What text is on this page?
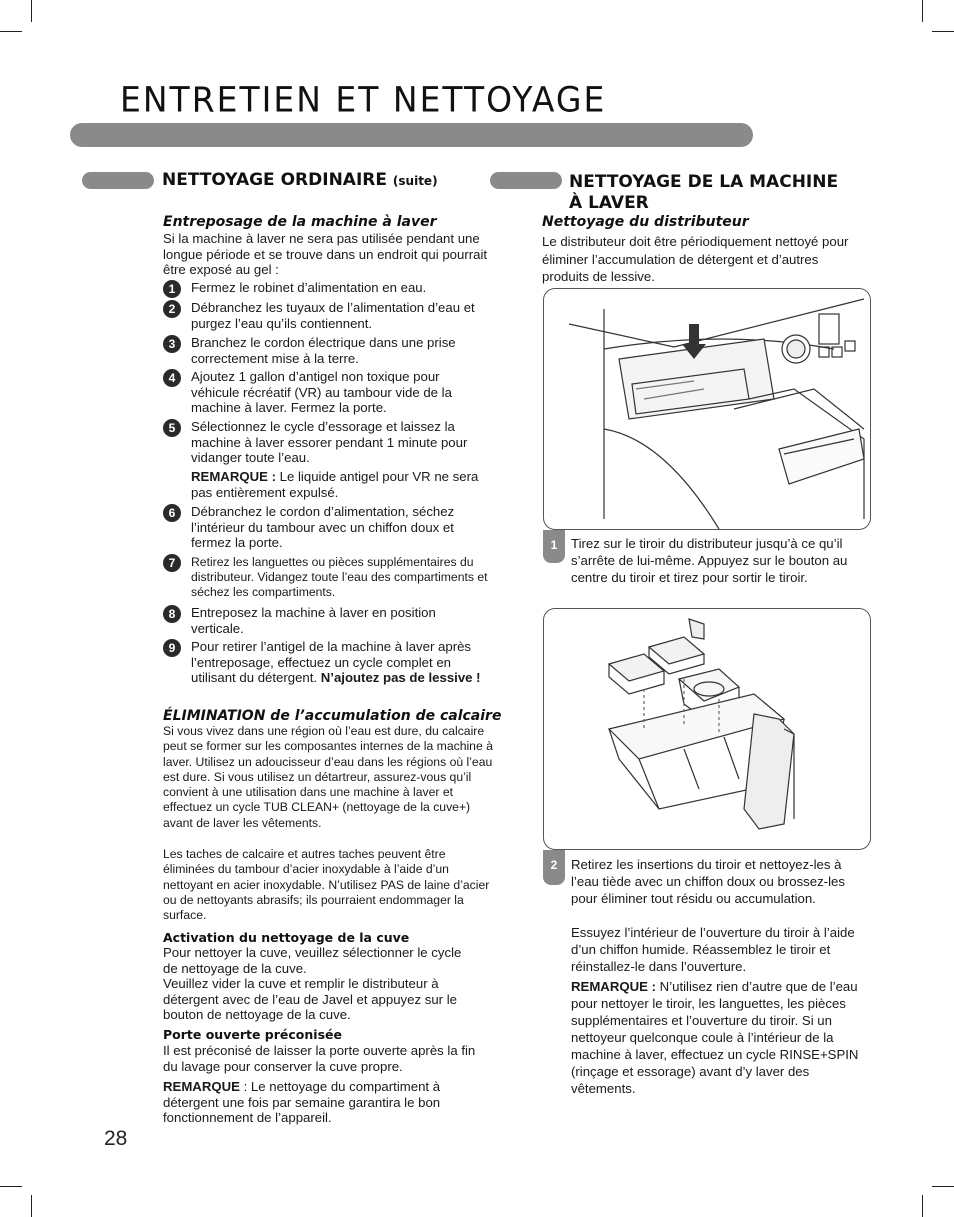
ENTRETIEN ET NETTOYAGE
NETTOYAGE ORDINAIRE (suite)
Entreposage de la machine à laver
Si la machine à laver ne sera pas utilisée pendant une longue période et se trouve dans un endroit qui pourrait être exposé au gel :
1	Fermez le robinet d’alimentation en eau.
2	Débranchez les tuyaux de l’alimentation d’eau et purgez l’eau qu’ils contiennent.
3	Branchez le cordon électrique dans une prise correctement mise à la terre.
4	Ajoutez 1 gallon d’antigel non toxique pour véhicule récréatif (VR) au tambour vide de la machine à laver. Fermez la porte.
5	Sélectionnez le cycle d’essorage et laissez la machine à laver essorer pendant 1 minute pour vidanger toute l’eau.
REMARQUE : Le liquide antigel pour VR ne sera pas entièrement expulsé.
6	Débranchez le cordon d’alimentation, séchez l’intérieur du tambour avec un chiffon doux et fermez la porte.
7	Retirez les languettes ou pièces supplémentaires du distributeur. Vidangez toute l’eau des compartiments et séchez les compartiments.
8	Entreposez la machine à laver en position verticale.
9	Pour retirer l’antigel de la machine à laver après l’entreposage, effectuez un cycle complet en utilisant du détergent. N’ajoutez pas de lessive !
ÉLIMINATION de l’accumulation de calcaire
Si vous vivez dans une région où l’eau est dure, du calcaire peut se former sur les composantes internes de la machine à laver. Utilisez un adoucisseur d’eau dans les régions où l’eau est dure. Si vous utilisez un détartreur, assurez-vous qu’il convient à une utilisation dans une machine à laver et effectuez un cycle TUB CLEAN+ (nettoyage de la cuve+) avant de laver les vêtements.
Les taches de calcaire et autres taches peuvent être éliminées du tambour d’acier inoxydable à l’aide d’un nettoyant en acier inoxydable. N’utilisez PAS de laine d’acier ou de nettoyants abrasifs; ils pourraient endommager la surface.
Activation du nettoyage de la cuve
Pour nettoyer la cuve, veuillez sélectionner le cycle de nettoyage de la cuve.
Veuillez vider la cuve et remplir le distributeur à détergent avec de l’eau de Javel et appuyez sur le bouton de nettoyage de la cuve.
Porte ouverte préconisée
Il est préconisé de laisser la porte ouverte après la fin du lavage pour conserver la cuve propre.
REMARQUE : Le nettoyage du compartiment à détergent une fois par semaine garantira le bon fonctionnement de l’appareil.
28
NETTOYAGE DE LA MACHINE
À LAVER
Nettoyage du distributeur
Le distributeur doit être périodiquement nettoyé pour éliminer l’accumulation de détergent et d’autres produits de lessive.
1	Tirez sur le tiroir du distributeur jusqu’à ce qu’il s’arrête de lui-même. Appuyez sur le bouton au centre du tiroir et tirez pour sortir le tiroir.
2	Retirez les insertions du tiroir et nettoyez-les à l’eau tiède avec un chiffon doux ou brossez-les pour éliminer tout résidu ou accumulation.
Essuyez l’intérieur de l’ouverture du tiroir à l’aide d’un chiffon humide. Réassemblez le tiroir et réinstallez-le dans l’ouverture.
REMARQUE : N’utilisez rien d’autre que de l’eau pour nettoyer le tiroir, les languettes, les pièces supplémentaires et l’ouverture du tiroir. Si un nettoyeur quelconque coule à l’intérieur de la machine à laver, effectuez un cycle RINSE+SPIN (rinçage et essorage) avant d’y laver des vêtements.
